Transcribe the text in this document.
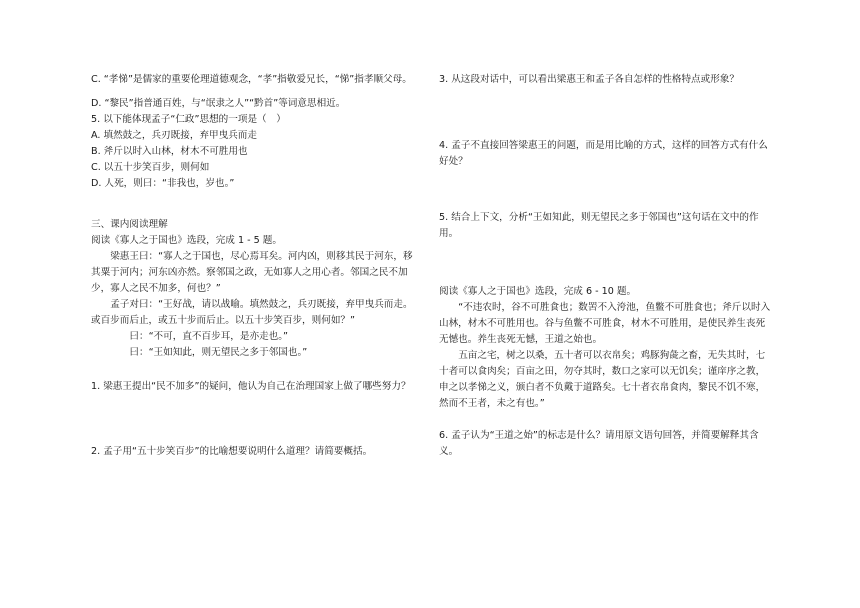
C. “孝悌”是儒家的重要伦理道德观念，“孝”指敬爱兄长，“悌”指孝顺父母。

D. “黎民”指普通百姓，与“氓隶之人”“黔首”等词意思相近。

5. 以下能体现孟子“仁政”思想的一项是（　）

A. 填然鼓之，兵刃既接，弃甲曳兵而走

B. 斧斤以时入山林，材木不可胜用也

C. 以五十步笑百步，则何如

D. 人死，则曰：“非我也，岁也。”

三、课内阅读理解

阅读《寡人之于国也》选段，完成 1 - 5 题。

梁惠王曰：“寡人之于国也，尽心焉耳矣。河内凶，则移其民于河东，移其粟于河内；河东凶亦然。察邻国之政，无如寡人之用心者。邻国之民不加少，寡人之民不加多，何也？”

孟子对曰：“王好战，请以战喻。填然鼓之，兵刃既接，弃甲曳兵而走。或百步而后止，或五十步而后止。以五十步笑百步，则何如？”

曰：“不可，直不百步耳，是亦走也。”

曰：“王如知此，则无望民之多于邻国也。”

1. 梁惠王提出“民不加多”的疑问，他认为自己在治理国家上做了哪些努力？

2. 孟子用“五十步笑百步”的比喻想要说明什么道理？请简要概括。

3. 从这段对话中，可以看出梁惠王和孟子各自怎样的性格特点或形象？

4. 孟子不直接回答梁惠王的问题，而是用比喻的方式，这样的回答方式有什么好处？

5. 结合上下文，分析“王如知此，则无望民之多于邻国也”这句话在文中的作用。

阅读《寡人之于国也》选段，完成 6 - 10 题。

“不违农时，谷不可胜食也；数罟不入洿池，鱼鳖不可胜食也；斧斤以时入山林，材木不可胜用也。谷与鱼鳖不可胜食，材木不可胜用，是使民养生丧死无憾也。养生丧死无憾，王道之始也。

五亩之宅，树之以桑，五十者可以衣帛矣；鸡豚狗彘之畜，无失其时，七十者可以食肉矣；百亩之田，勿夺其时，数口之家可以无饥矣；谨庠序之教，申之以孝悌之义，颁白者不负戴于道路矣。七十者衣帛食肉，黎民不饥不寒，然而不王者，未之有也。”

6. 孟子认为“王道之始”的标志是什么？请用原文语句回答，并简要解释其含义。
